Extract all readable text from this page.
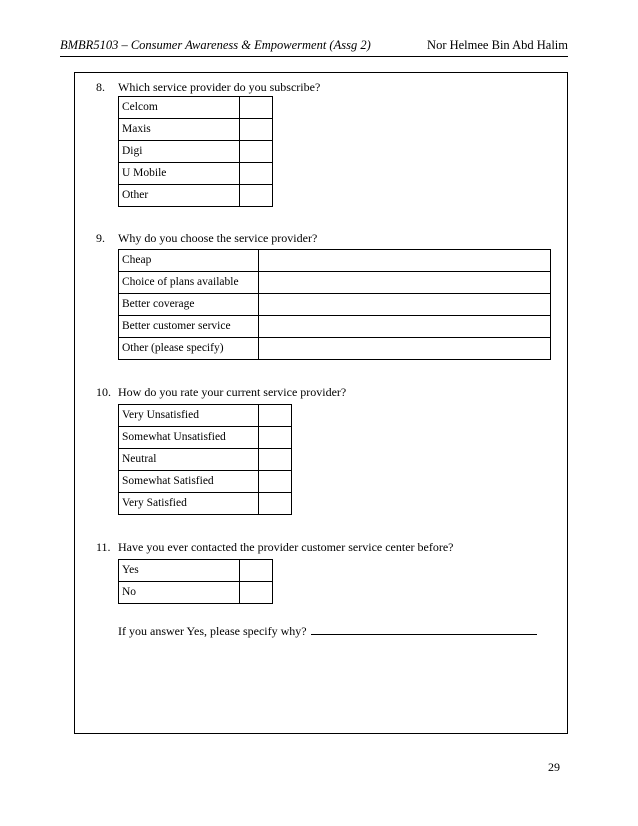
BMBR5103 – Consumer Awareness & Empowerment (Assg 2)	Nor Helmee Bin Abd Halim
8. Which service provider do you subscribe?
Celcom	
Maxis	
Digi	
U Mobile	
Other	
9. Why do you choose the service provider?
Cheap	
Choice of plans available	
Better coverage	
Better customer service	
Other (please specify)	
10. How do you rate your current service provider?
Very Unsatisfied	
Somewhat Unsatisfied	
Neutral	
Somewhat Satisfied	
Very Satisfied	
11. Have you ever contacted the provider customer service center before?
Yes	
No	
If you answer Yes, please specify why?
29
